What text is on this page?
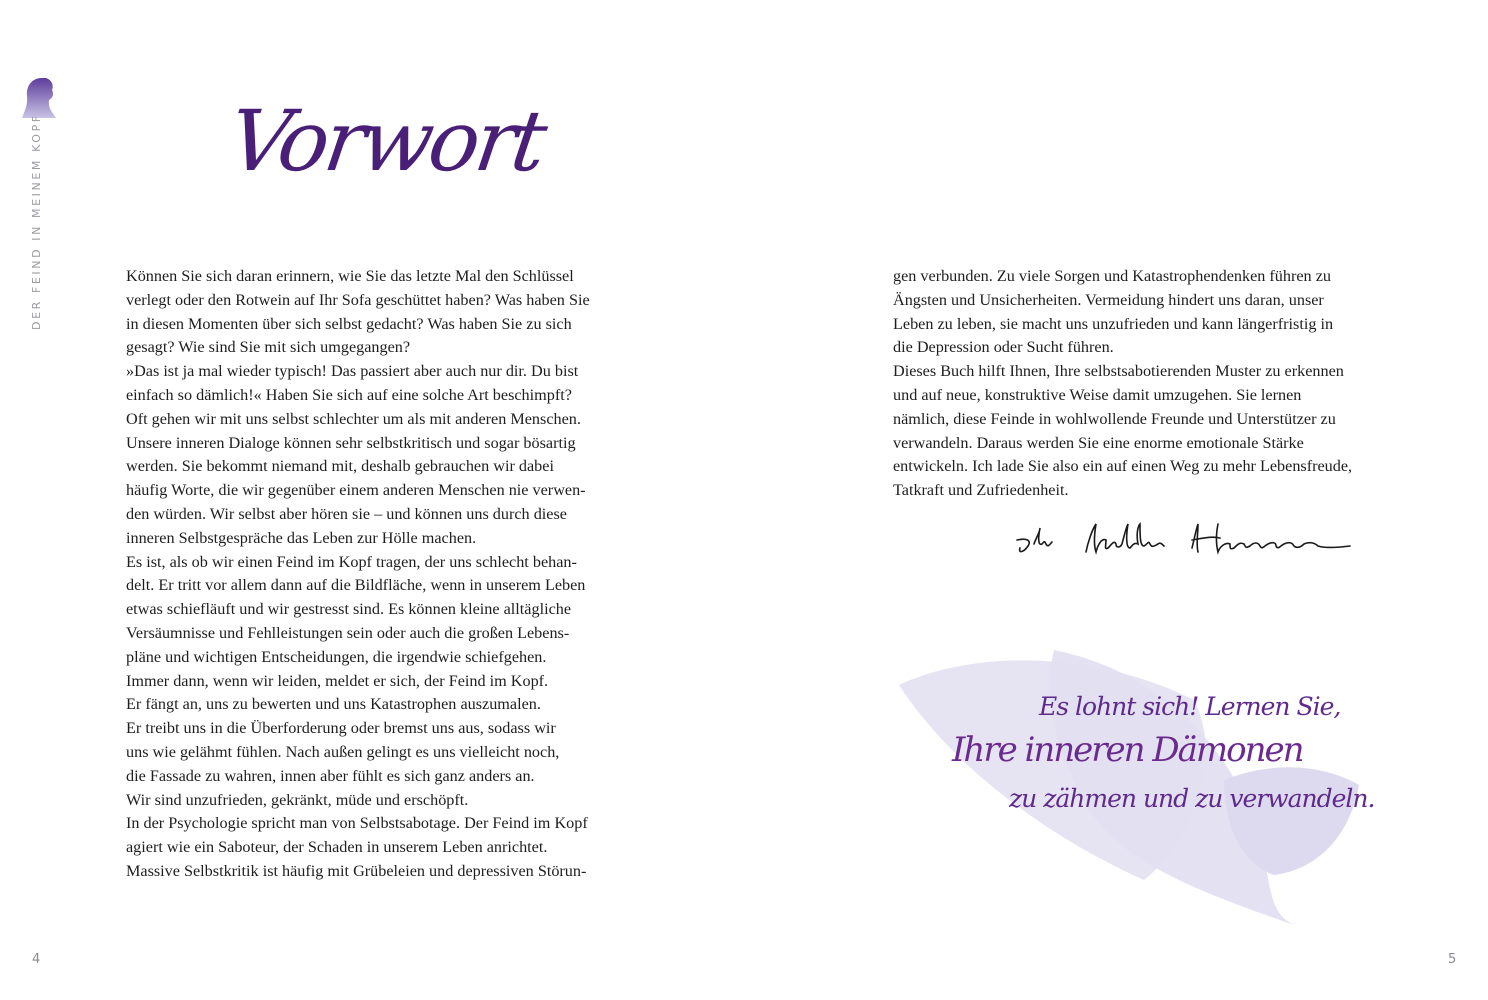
DER FEIND IN MEINEM KOPF Vorwort
Können Sie sich daran erinnern, wie Sie das letzte Mal den Schlüssel
verlegt oder den Rotwein auf Ihr Sofa geschüttet haben? Was haben Sie
in diesen Momenten über sich selbst gedacht? Was haben Sie zu sich
gesagt? Wie sind Sie mit sich umgegangen?
»Das ist ja mal wieder typisch! Das passiert aber auch nur dir. Du bist
einfach so dämlich!« Haben Sie sich auf eine solche Art beschimpft?
Oft gehen wir mit uns selbst schlechter um als mit anderen Menschen.
Unsere inneren Dialoge können sehr selbstkritisch und sogar bösartig
werden. Sie bekommt niemand mit, deshalb gebrauchen wir dabei
häufig Worte, die wir gegenüber einem anderen Menschen nie verwen-
den würden. Wir selbst aber hören sie – und können uns durch diese
inneren Selbstgespräche das Leben zur Hölle machen.
Es ist, als ob wir einen Feind im Kopf tragen, der uns schlecht behan-
delt. Er tritt vor allem dann auf die Bildfläche, wenn in unserem Leben
etwas schiefläuft und wir gestresst sind. Es können kleine alltägliche
Versäumnisse und Fehlleistungen sein oder auch die großen Lebens-
pläne und wichtigen Entscheidungen, die irgendwie schiefgehen.
Immer dann, wenn wir leiden, meldet er sich, der Feind im Kopf.
Er fängt an, uns zu bewerten und uns Katastrophen auszumalen.
Er treibt uns in die Überforderung oder bremst uns aus, sodass wir
uns wie gelähmt fühlen. Nach außen gelingt es uns vielleicht noch,
die Fassade zu wahren, innen aber fühlt es sich ganz anders an.
Wir sind unzufrieden, gekränkt, müde und erschöpft.
In der Psychologie spricht man von Selbstsabotage. Der Feind im Kopf
agiert wie ein Saboteur, der Schaden in unserem Leben anrichtet.
Massive Selbstkritik ist häufig mit Grübeleien und depressiven Störun-
4
gen verbunden. Zu viele Sorgen und Katastrophendenken führen zu
Ängsten und Unsicherheiten. Vermeidung hindert uns daran, unser
Leben zu leben, sie macht uns unzufrieden und kann längerfristig in
die Depression oder Sucht führen.
Dieses Buch hilft Ihnen, Ihre selbstsabotierenden Muster zu erkennen
und auf neue, konstruktive Weise damit umzugehen. Sie lernen
nämlich, diese Feinde in wohlwollende Freunde und Unterstützer zu
verwandeln. Daraus werden Sie eine enorme emotionale Stärke
entwickeln. Ich lade Sie also ein auf einen Weg zu mehr Lebensfreude,
Tatkraft und Zufriedenheit.
Es lohnt sich! Lernen Sie,
Ihre inneren Dämonen
zu zähmen und zu verwandeln.
5
